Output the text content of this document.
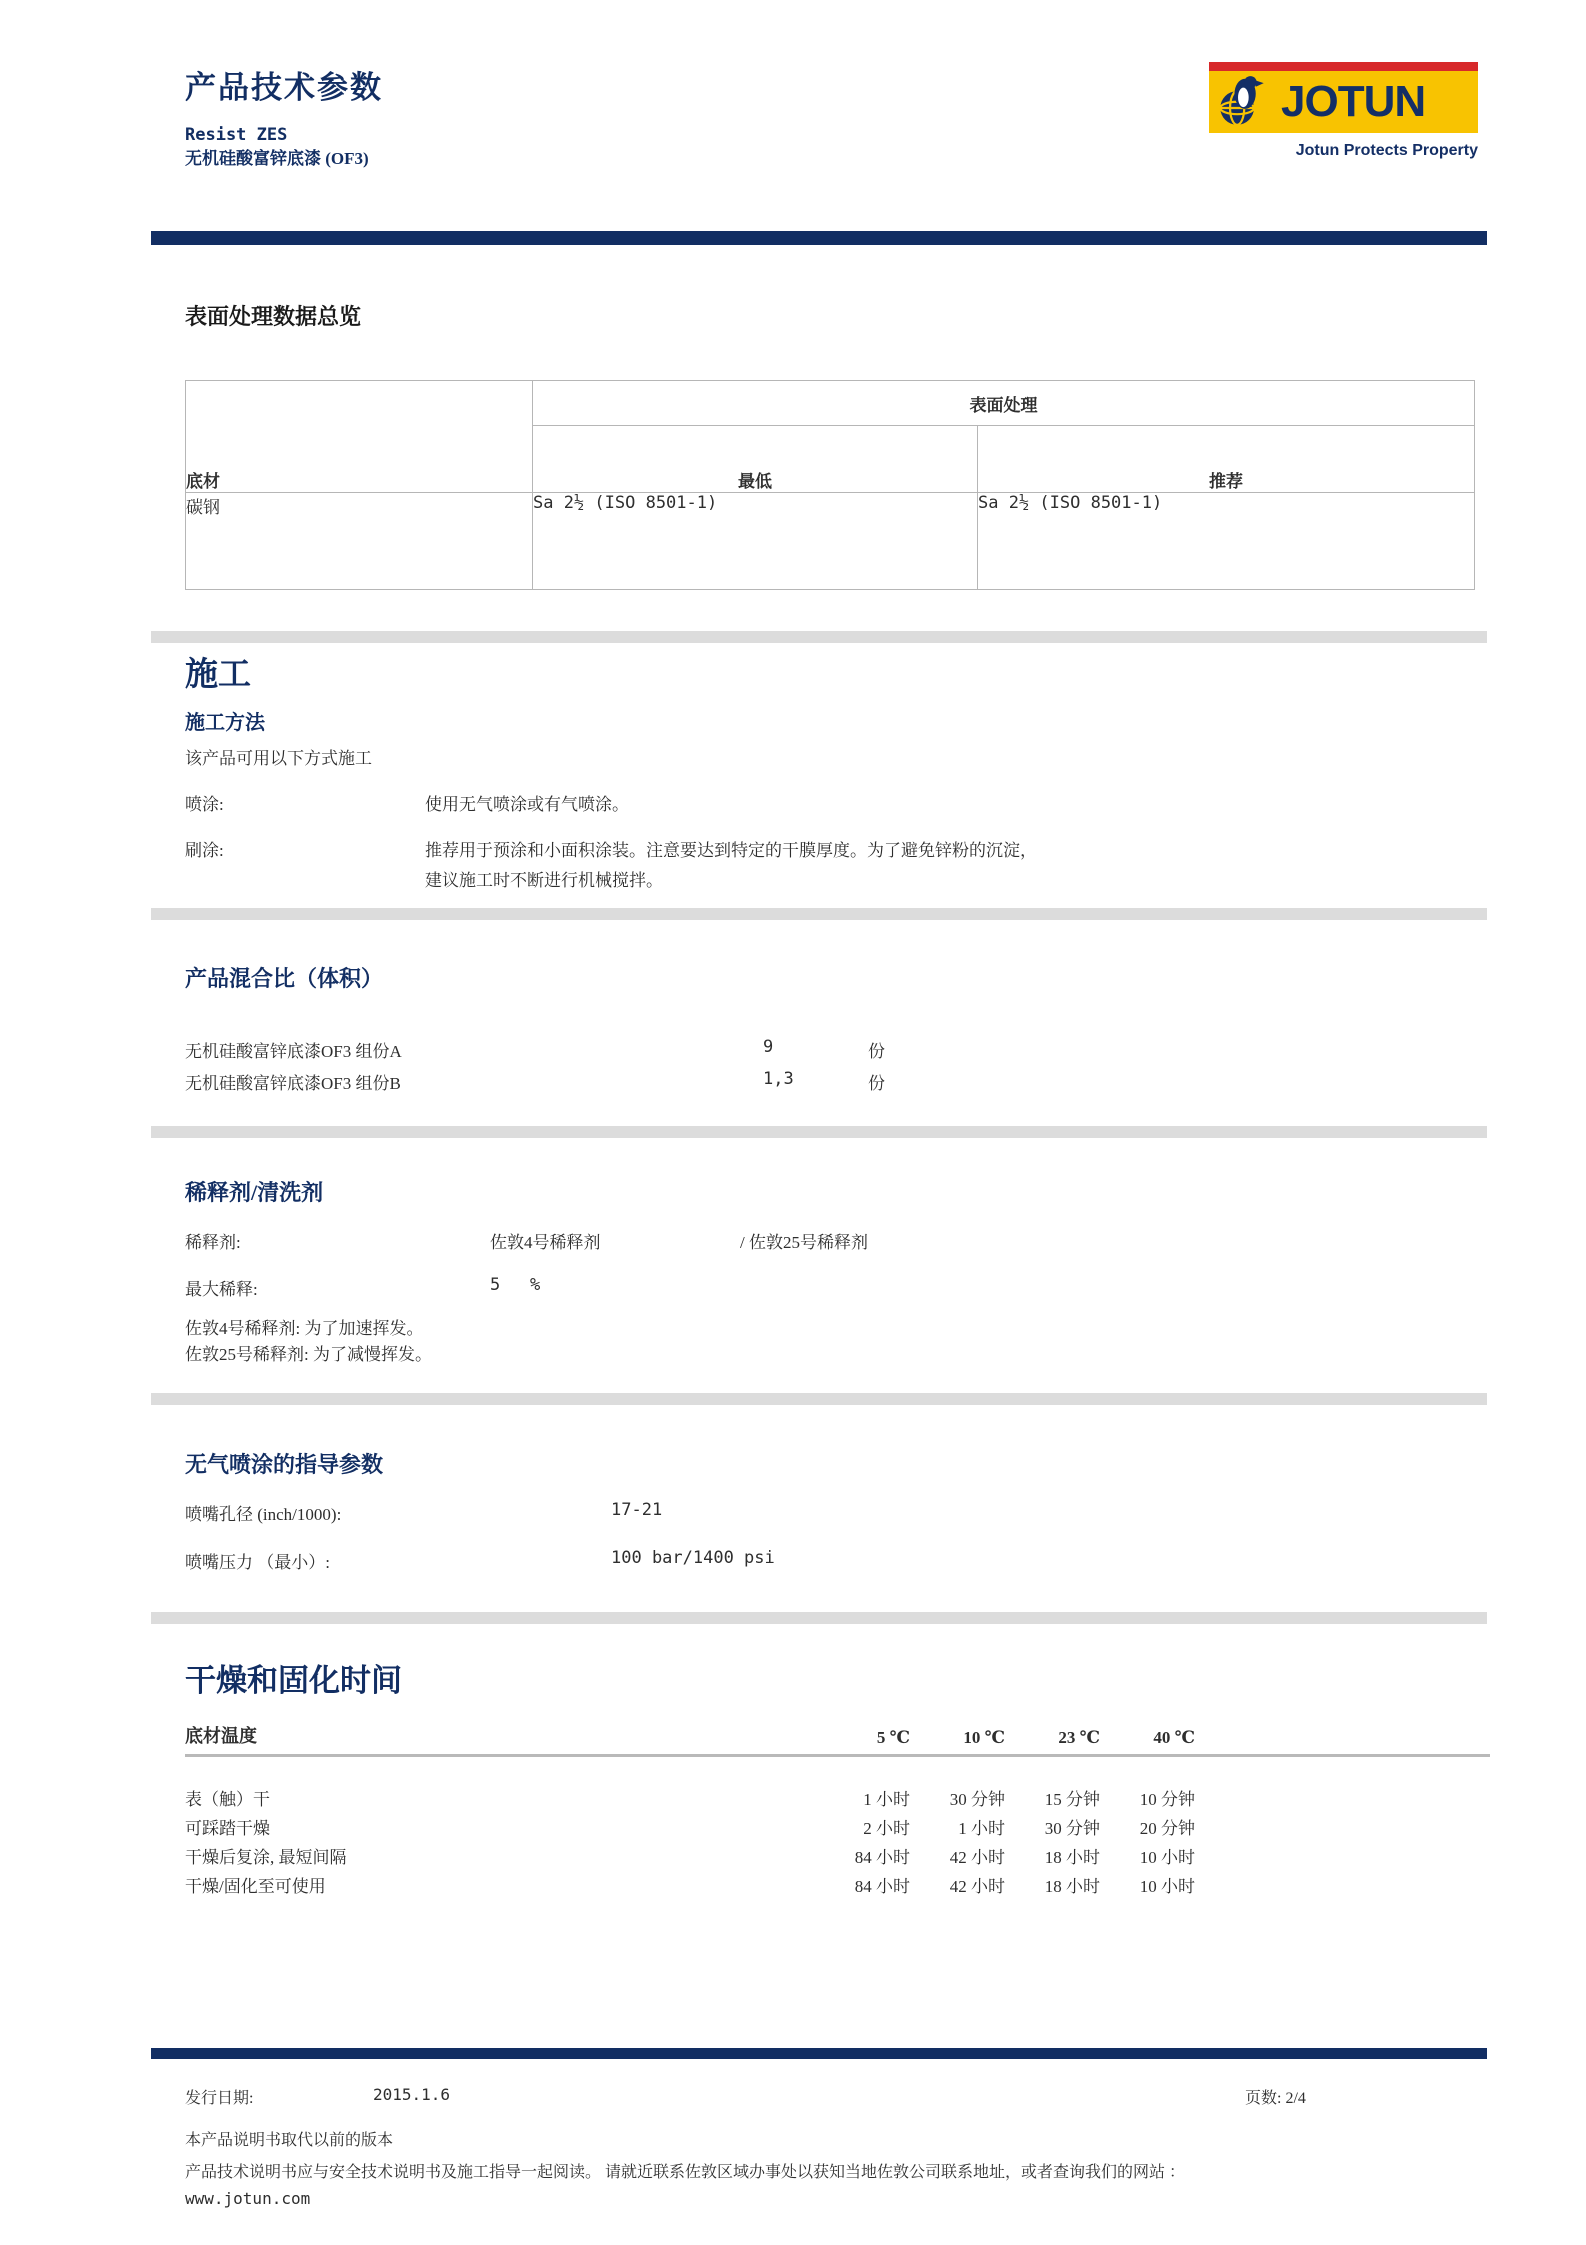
产品技术参数
Resist ZES
无机硅酸富锌底漆 (OF3)
JOTUN
Jotun Protects Property
表面处理数据总览
底材	表面处理	
	最低	推荐
碳钢	Sa 2½ (ISO 8501-1)	Sa 2½ (ISO 8501-1)
施工
施工方法
该产品可用以下方式施工
喷涂:	使用无气喷涂或有气喷涂。
刷涂:	推荐用于预涂和小面积涂装。注意要达到特定的干膜厚度。为了避免锌粉的沉淀，
建议施工时不断进行机械搅拌。
产品混合比（体积）
无机硅酸富锌底漆OF3 组份A	9	份
无机硅酸富锌底漆OF3 组份B	1,3	份
稀释剂/清洗剂
稀释剂:	佐敦4号稀释剂	/ 佐敦25号稀释剂
最大稀释:	5 %
佐敦4号稀释剂: 为了加速挥发。
佐敦25号稀释剂: 为了减慢挥发。
无气喷涂的指导参数
喷嘴孔径 (inch/1000):	17-21
喷嘴压力 （最小）:	100 bar/1400 psi
干燥和固化时间
底材温度	5 ℃	10 ℃	23 ℃	40 ℃
表（触）干	1 小时	30 分钟	15 分钟	10 分钟
可踩踏干燥	2 小时	1 小时	30 分钟	20 分钟
干燥后复涂, 最短间隔	84 小时	42 小时	18 小时	10 小时
干燥/固化至可使用	84 小时	42 小时	18 小时	10 小时
发行日期:	2015.1.6	页数: 2/4
本产品说明书取代以前的版本
产品技术说明书应与安全技术说明书及施工指导一起阅读。 请就近联系佐敦区域办事处以获知当地佐敦公司联系地址，或者查询我们的网站 ：
www.jotun.com
